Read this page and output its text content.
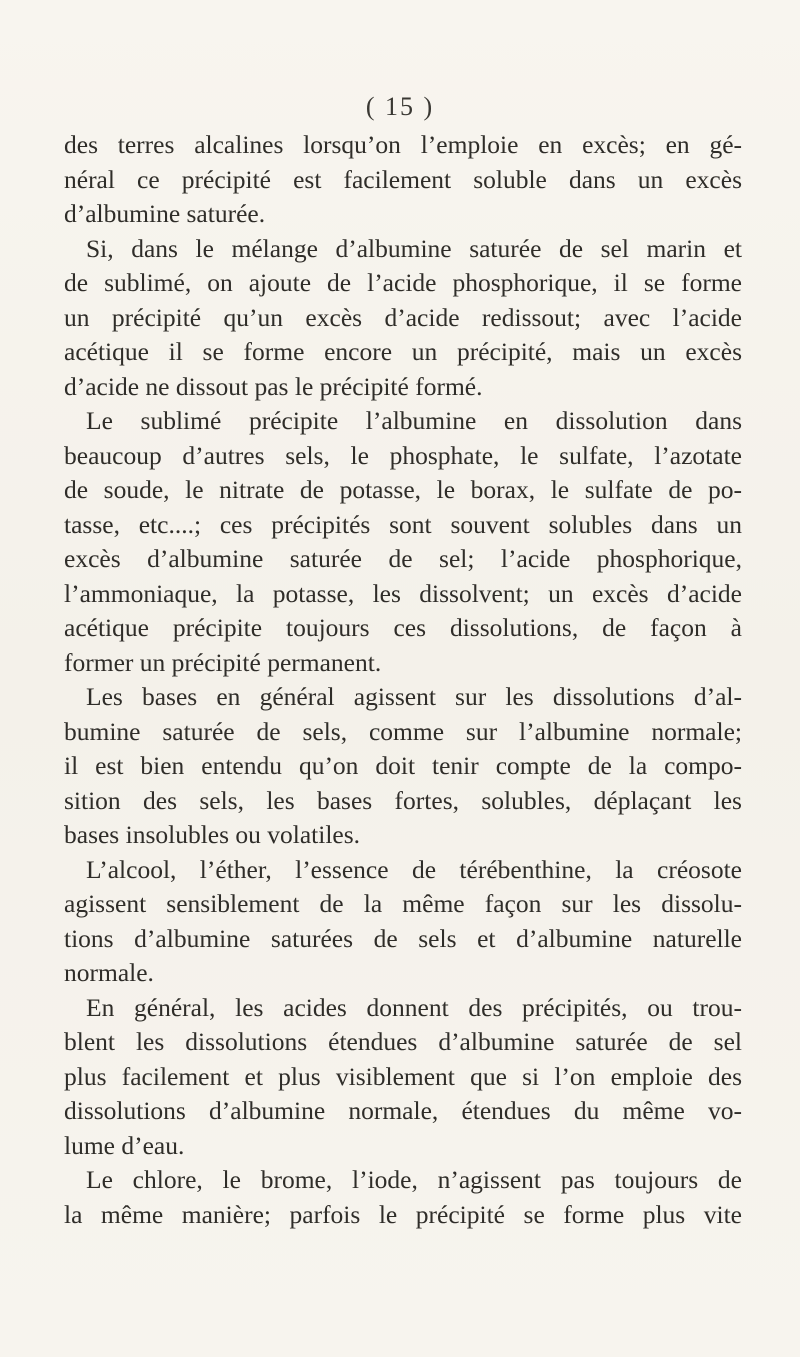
( 15 )
des terres alcalines lorsqu’on l’emploie en excès; en gé-
néral ce précipité est facilement soluble dans un excès
d’albumine saturée.
Si, dans le mélange d’albumine saturée de sel marin et
de sublimé, on ajoute de l’acide phosphorique, il se forme
un précipité qu’un excès d’acide redissout; avec l’acide
acétique il se forme encore un précipité, mais un excès
d’acide ne dissout pas le précipité formé.
Le sublimé précipite l’albumine en dissolution dans
beaucoup d’autres sels, le phosphate, le sulfate, l’azotate
de soude, le nitrate de potasse, le borax, le sulfate de po-
tasse, etc....; ces précipités sont souvent solubles dans un
excès d’albumine saturée de sel; l’acide phosphorique,
l’ammoniaque, la potasse, les dissolvent; un excès d’acide
acétique précipite toujours ces dissolutions, de façon à
former un précipité permanent.
Les bases en général agissent sur les dissolutions d’al-
bumine saturée de sels, comme sur l’albumine normale;
il est bien entendu qu’on doit tenir compte de la compo-
sition des sels, les bases fortes, solubles, déplaçant les
bases insolubles ou volatiles.
L’alcool, l’éther, l’essence de térébenthine, la créosote
agissent sensiblement de la même façon sur les dissolu-
tions d’albumine saturées de sels et d’albumine naturelle
normale.
En général, les acides donnent des précipités, ou trou-
blent les dissolutions étendues d’albumine saturée de sel
plus facilement et plus visiblement que si l’on emploie des
dissolutions d’albumine normale, étendues du même vo-
lume d’eau.
Le chlore, le brome, l’iode, n’agissent pas toujours de
la même manière; parfois le précipité se forme plus vite
